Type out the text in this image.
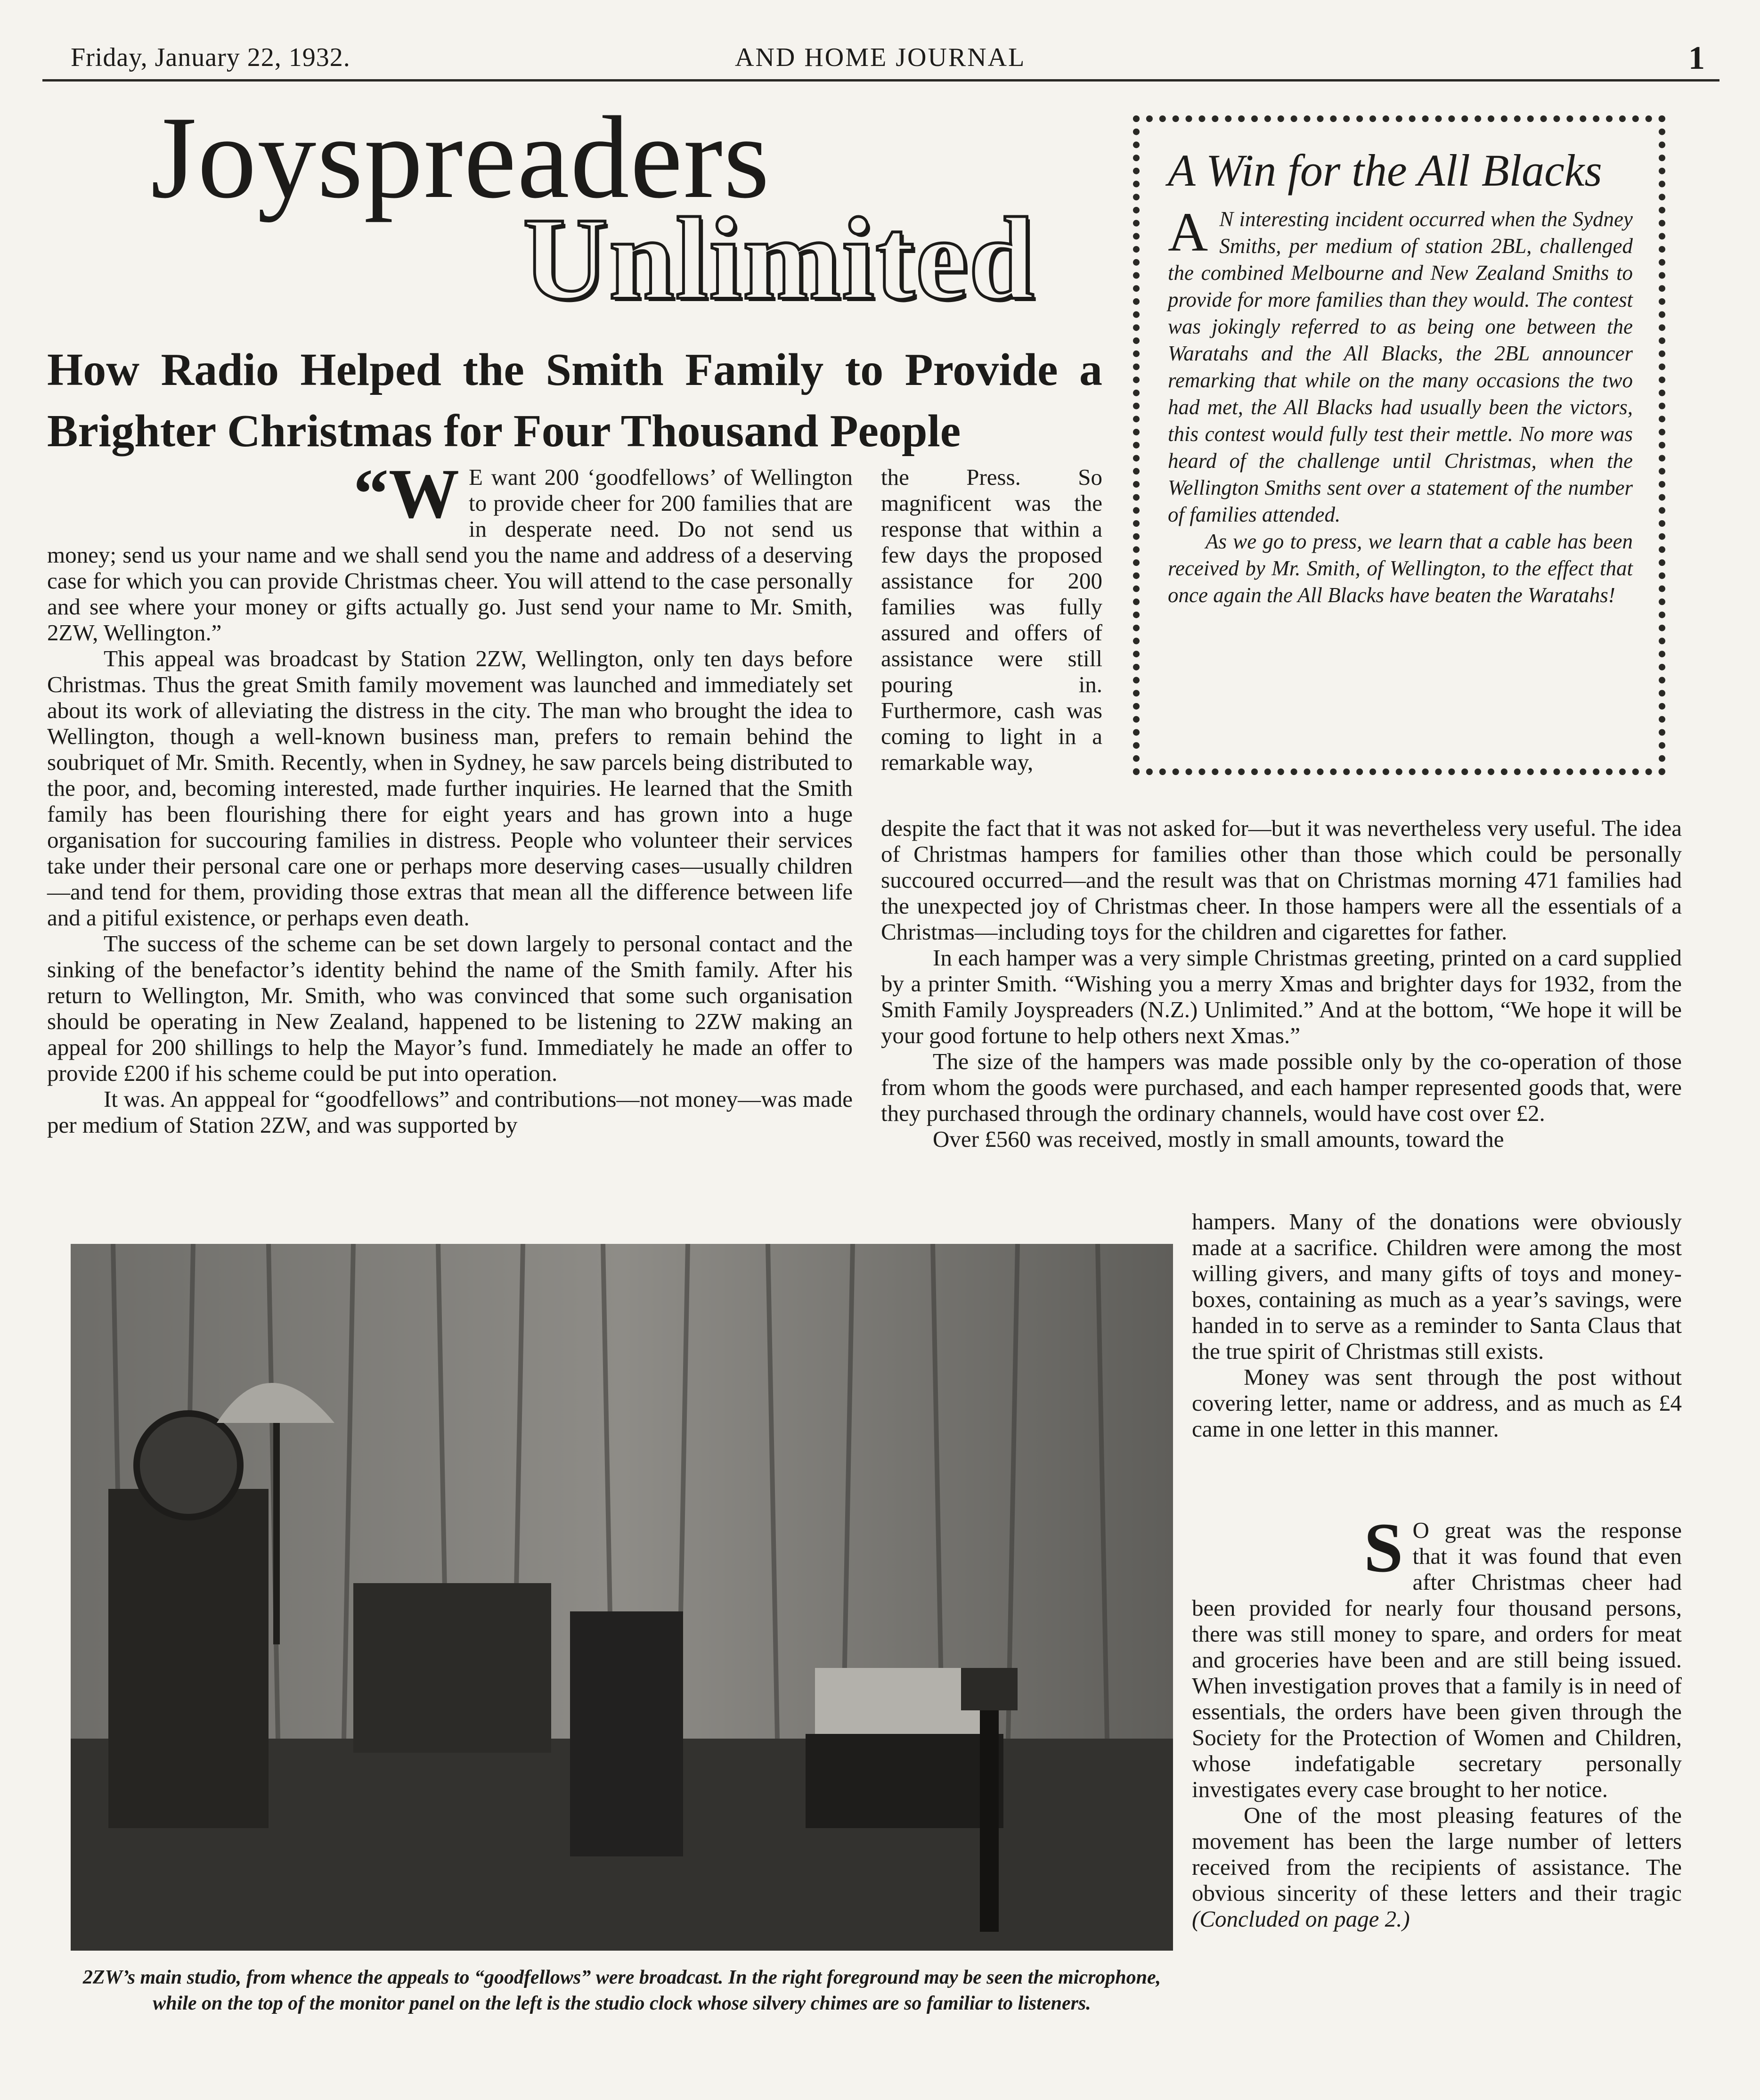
Friday, January 22, 1932.	AND HOME JOURNAL	1
Joyspreaders
Unlimited
How Radio Helped the Smith Family to Provide a Brighter Christmas for Four Thousand People
A Win for the All Blacks

A N interesting incident occurred when the Sydney Smiths, per medium of station 2BL, challenged the combined Melbourne and New Zealand Smiths to provide for more families than they would. The contest was jokingly referred to as being one between the Waratahs and the All Blacks, the 2BL announcer remarking that while on the many occasions the two had met, the All Blacks had usually been the victors, this contest would fully test their mettle. No more was heard of the challenge until Christmas, when the Wellington Smiths sent over a statement of the number of families attended.

As we go to press, we learn that a cable has been received by Mr. Smith, of Wellington, to the effect that once again the All Blacks have beaten the Waratahs!

“W E want 200 ‘goodfellows’ of Wellington to provide cheer for 200 families that are in desperate need. Do not send us money; send us your name and we shall send you the name and address of a deserving case for which you can provide Christmas cheer. You will attend to the case personally and see where your money or gifts actually go. Just send your name to Mr. Smith, 2ZW, Wellington.”

This appeal was broadcast by Station 2ZW, Wellington, only ten days before Christmas. Thus the great Smith family movement was launched and immediately set about its work of alleviating the distress in the city. The man who brought the idea to Wellington, though a well-known business man, prefers to remain behind the soubriquet of Mr. Smith. Recently, when in Sydney, he saw parcels being distributed to the poor, and, becoming interested, made further inquiries. He learned that the Smith family has been flourishing there for eight years and has grown into a huge organisation for succouring families in distress. People who volunteer their services take under their personal care one or perhaps more deserving cases—usually children—and tend for them, providing those extras that mean all the difference between life and a pitiful existence, or perhaps even death.

The success of the scheme can be set down largely to personal contact and the sinking of the benefactor’s identity behind the name of the Smith family. After his return to Wellington, Mr. Smith, who was convinced that some such organisation should be operating in New Zealand, happened to be listening to 2ZW making an appeal for 200 shillings to help the Mayor’s fund. Immediately he made an offer to provide £200 if his scheme could be put into operation.

It was. An apppeal for “goodfellows” and contributions—not money—was made per medium of Station 2ZW, and was supported by

the Press. So magnificent was the response that within a few days the proposed assistance for 200 families was fully assured and offers of assistance were still pouring in. Furthermore, cash was coming to light in a remarkable way,

despite the fact that it was not asked for—but it was nevertheless very useful. The idea of Christmas hampers for families other than those which could be personally succoured occurred—and the result was that on Christmas morning 471 families had the unexpected joy of Christmas cheer. In those hampers were all the essentials of a Christmas—including toys for the children and cigarettes for father.

In each hamper was a very simple Christmas greeting, printed on a card supplied by a printer Smith. “Wishing you a merry Xmas and brighter days for 1932, from the Smith Family Joyspreaders (N.Z.) Unlimited.” And at the bottom, “We hope it will be your good fortune to help others next Xmas.”

The size of the hampers was made possible only by the co-operation of those from whom the goods were purchased, and each hamper represented goods that, were they purchased through the ordinary channels, would have cost over £2.

Over £560 was received, mostly in small amounts, toward the

hampers. Many of the donations were obviously made at a sacrifice. Children were among the most willing givers, and many gifts of toys and money-boxes, containing as much as a year’s savings, were handed in to serve as a reminder to Santa Claus that the true spirit of Christmas still exists.

Money was sent through the post without covering letter, name or address, and as much as £4 came in one letter in this manner.

S O great was the response that it was found that even after Christmas cheer had been provided for nearly four thousand persons, there was still money to spare, and orders for meat and groceries have been and are still being issued. When investigation proves that a family is in need of essentials, the orders have been given through the Society for the Protection of Women and Children, whose indefatigable secretary personally investigates every case brought to her notice.

One of the most pleasing features of the movement has been the large number of letters received from the recipients of assistance. The obvious sincerity of these letters and their tragic (Concluded on page 2.)

2ZW’s main studio, from whence the appeals to “goodfellows” were broadcast. In the right foreground may be seen the microphone, while on the top of the monitor panel on the left is the studio clock whose silvery chimes are so familiar to listeners.
